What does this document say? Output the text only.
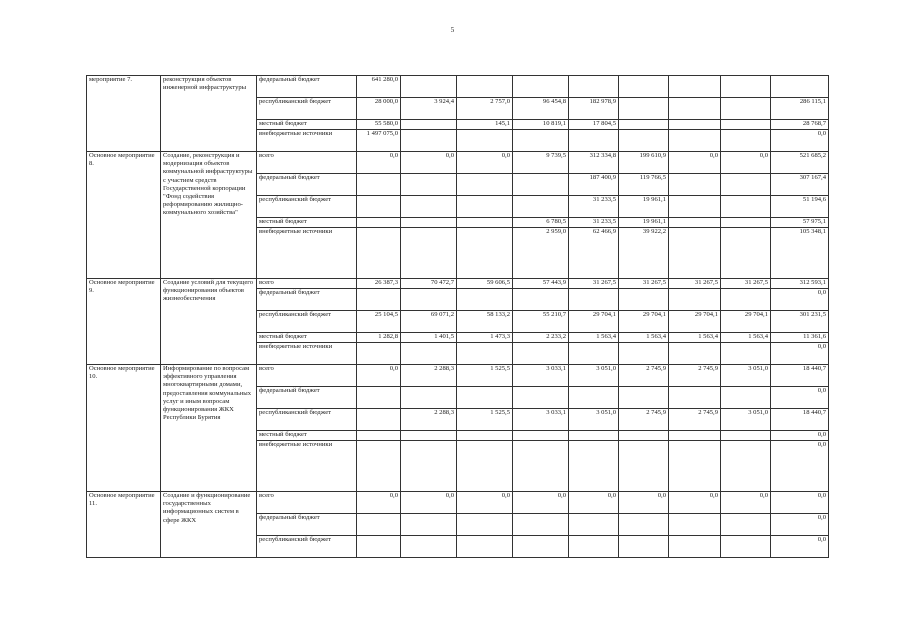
5
мероприятие 7.	реконструкция объектов инженерной инфраструктуры	федеральный бюджет	641 280,0								
		республиканский бюджет	28 000,0	3 924,4	2 757,0	96 454,8	182 978,9				286 115,1
		местный бюджет	55 580,0		145,1	10 819,1	17 804,5				28 768,7
		внебюджетные источники	1 497 075,0								0,0
Основное мероприятие 8.	Создание, реконструкция и модернизация объектов коммунальной инфраструктуры с участием средств Государственной корпорации "Фонд содействия реформированию жилищно-коммунального хозяйства"	всего	0,0	0,0	0,0	9 739,5	312 334,8	199 610,9	0,0	0,0	521 685,2
		федеральный бюджет					187 400,9	119 766,5			307 167,4
		республиканский бюджет					31 233,5	19 961,1			51 194,6
		местный бюджет				6 780,5	31 233,5	19 961,1			57 975,1
		внебюджетные источники				2 959,0	62 466,9	39 922,2			105 348,1
Основное мероприятие 9.	Создание условий для текущего функционирования объектов жизнеобеспечения	всего	26 387,3	70 472,7	59 606,5	57 443,9	31 267,5	31 267,5	31 267,5	31 267,5	312 593,1
		федеральный бюджет									0,0
		республиканский бюджет	25 104,5	69 071,2	58 133,2	55 210,7	29 704,1	29 704,1	29 704,1	29 704,1	301 231,5
		местный бюджет	1 282,8	1 401,5	1 473,3	2 233,2	1 563,4	1 563,4	1 563,4	1 563,4	11 361,6
		внебюджетные источники									0,0
Основное мероприятие 10.	Информирование по вопросам эффективного управления многоквартирными домами, предоставления коммунальных услуг и иным вопросам функционирования ЖКХ Республики Бурятия	всего	0,0	2 288,3	1 525,5	3 033,1	3 051,0	2 745,9	2 745,9	3 051,0	18 440,7
		федеральный бюджет									0,0
		республиканский бюджет		2 288,3	1 525,5	3 033,1	3 051,0	2 745,9	2 745,9	3 051,0	18 440,7
		местный бюджет									0,0
		внебюджетные источники									0,0
Основное мероприятие 11.	Создание и функционирование государственных информационных систем в сфере ЖКХ	всего	0,0	0,0	0,0	0,0	0,0	0,0	0,0	0,0	0,0
		федеральный бюджет									0,0
		республиканский бюджет									0,0
